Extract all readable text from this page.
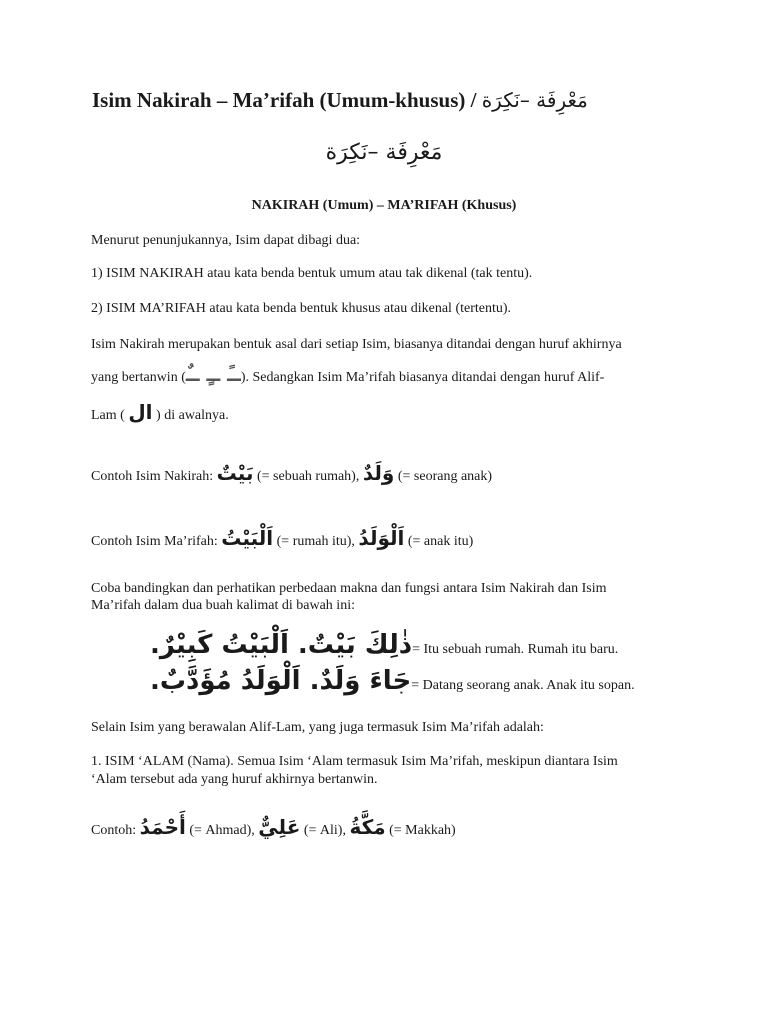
Isim Nakirah – Ma’rifah (Umum-khusus) / مَعْرِفَة –نَكِرَة
مَعْرِفَة –نَكِرَة
NAKIRAH (Umum) – MA’RIFAH (Khusus)
Menurut penunjukannya, Isim dapat dibagi dua:
1) ISIM NAKIRAH atau kata benda bentuk umum atau tak dikenal (tak tentu).
2) ISIM MA’RIFAH atau kata benda bentuk khusus atau dikenal (tertentu).
Isim Nakirah merupakan bentuk asal dari setiap Isim, biasanya ditandai dengan huruf akhirnya
yang bertanwin (ــً ــٍ ــٌ). Sedangkan Isim Ma’rifah biasanya ditandai dengan huruf Alif-
Lam ( ال ) di awalnya.
Contoh Isim Nakirah: بَيْتٌ (= sebuah rumah), وَلَدٌ (= seorang anak)
Contoh Isim Ma’rifah: اَلْبَيْتُ (= rumah itu), اَلْوَلَدُ (= anak itu)
Coba bandingkan dan perhatikan perbedaan makna dan fungsi antara Isim Nakirah dan Isim
Ma’rifah dalam dua buah kalimat di bawah ini:
ذٰلِكَ بَيْتٌ. اَلْبَيْتُ كَبِيْرٌ.= Itu sebuah rumah. Rumah itu baru.
جَاءَ وَلَدٌ. اَلْوَلَدُ مُؤَدَّبٌ.= Datang seorang anak. Anak itu sopan.
Selain Isim yang berawalan Alif-Lam, yang juga termasuk Isim Ma’rifah adalah:
1. ISIM ‘ALAM (Nama). Semua Isim ‘Alam termasuk Isim Ma’rifah, meskipun diantara Isim
‘Alam tersebut ada yang huruf akhirnya bertanwin.
Contoh: أَحْمَدُ (= Ahmad), عَلِيٌّ (= Ali), مَكَّةُ (= Makkah)
